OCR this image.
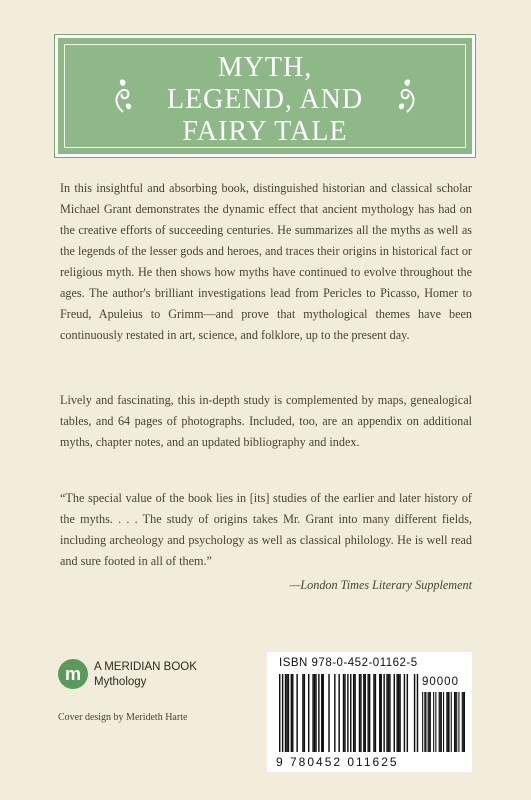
MYTH,
LEGEND, AND
FAIRY TALE

In this insightful and absorbing book, distinguished historian and classical scholar Michael Grant demonstrates the dynamic effect that ancient mythology has had on the creative efforts of succeeding centuries. He summarizes all the myths as well as the legends of the lesser gods and heroes, and traces their origins in historical fact or religious myth. He then shows how myths have continued to evolve throughout the ages. The author's brilliant investigations lead from Pericles to Picasso, Homer to Freud, Apuleius to Grimm—and prove that mythological themes have been continuously restated in art, science, and folklore, up to the present day.

Lively and fascinating, this in-depth study is complemented by maps, genealogical tables, and 64 pages of photographs. Included, too, are an appendix on additional myths, chapter notes, and an updated bibliography and index.

“The special value of the book lies in [its] studies of the earlier and later history of the myths. . . . The study of origins takes Mr. Grant into many different fields, including archeology and psychology as well as classical philology. He is well read and sure footed in all of them.”

—London Times Literary Supplement
m	A MERIDIAN BOOK
Mythology
Cover design by Merideth Harte
ISBN 978-0-452-01162-5
90000
9 780452 011625
